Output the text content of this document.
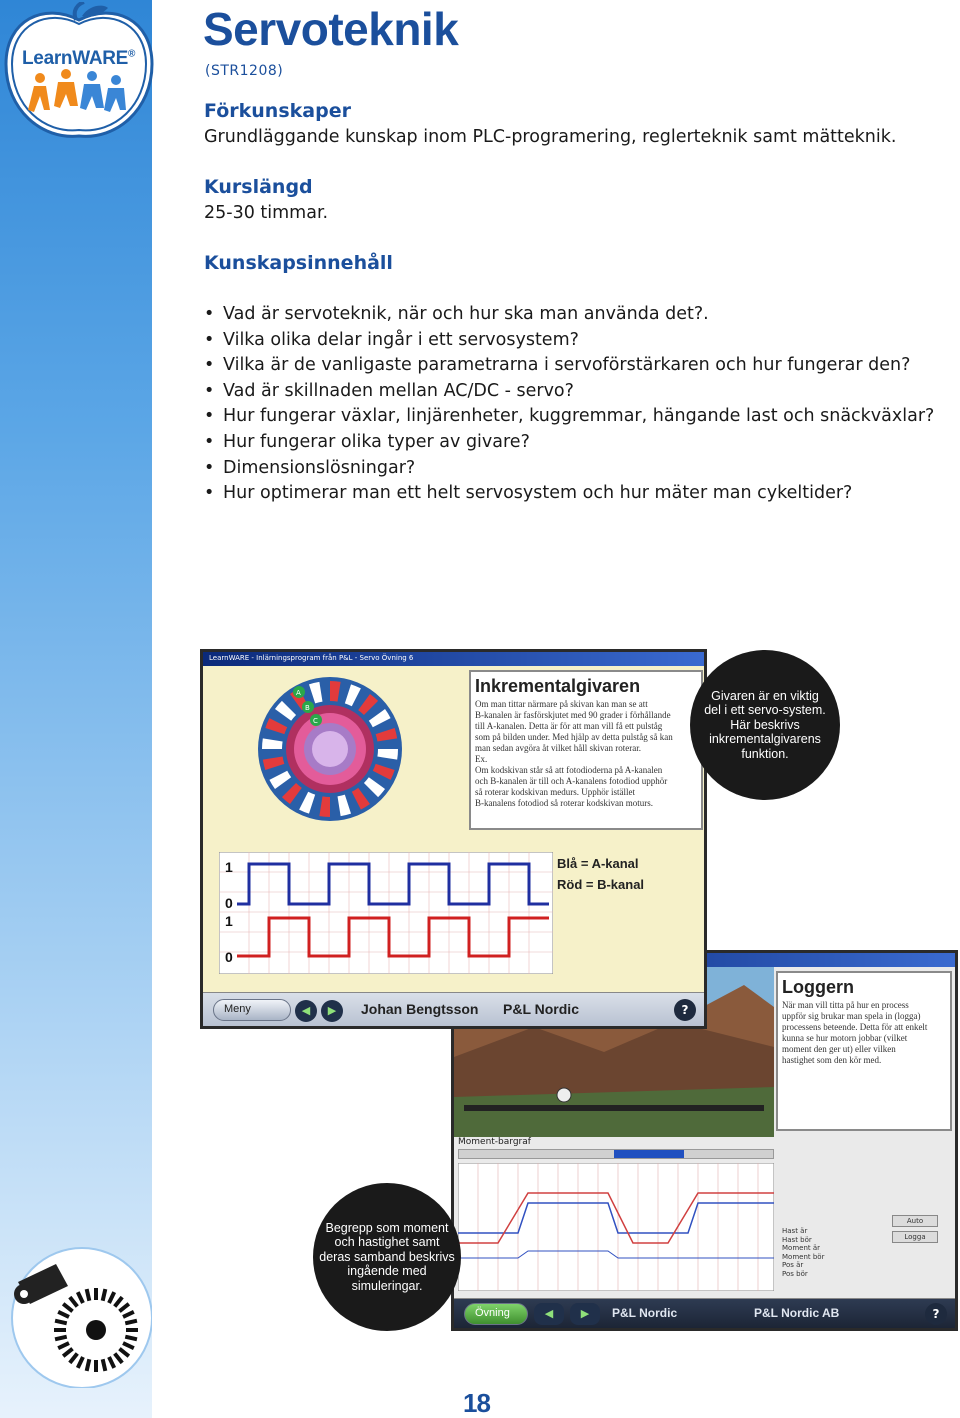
LearnWARE® Servoteknik
(STR1208)
Förkunskaper
Grundläggande kunskap inom PLC-programering, reglerteknik samt mätteknik.
Kurslängd
25-30 timmar.
Kunskapsinnehåll
• Vad är servoteknik, när och hur ska man använda det?.
• Vilka olika delar ingår i ett servosystem?
• Vilka är de vanligaste parametrarna i servoförstärkaren och hur fungerar den?
• Vad är skillnaden mellan AC/DC - servo?
• Hur fungerar växlar, linjärenheter, kuggremmar, hängande last och snäckväxlar?
• Hur fungerar olika typer av givare?
• Dimensionslösningar?
• Hur optimerar man ett helt servosystem och hur mäter man cykeltider?
Moment-bargraf
Loggern
När man vill titta på hur en process
uppför sig brukar man spela in (logga)
processens beteende. Detta för att enkelt
kunna se hur motorn jobbar (vilket
moment den ger ut) eller vilken
hastighet som den kör med.
Hast är
Hast bör
Moment är
Moment bör
Pos är
Pos bör
Auto
Logga
Övning	◀	▶	P&L Nordic	P&L Nordic AB	?
LearnWARE - Inlärningsprogram från P&L - Servo Övning 6
A
B
C
Inkrementalgivaren
Om man tittar närmare på skivan kan man se att
B-kanalen är fasförskjutet med 90 grader i förhållande
till A-kanalen. Detta är för att man vill få ett pulståg
som på bilden under. Med hjälp av detta pulståg så kan
man sedan avgöra åt vilket håll skivan roterar.
Ex.
Om kodskivan står så att fotodioderna på A-kanalen
och B-kanalen är till och A-kanalens fotodiod upphör
så roterar kodskivan medurs. Upphör istället
B-kanalens fotodiod så roterar kodskivan moturs.
1
0
1
0
Blå = A-kanal
Röd = B-kanal
Meny	◀	▶	Johan Bengtsson P&L Nordic	?
Givaren är en viktig del i ett servo-system. Här beskrivs inkrementalgivarens funktion.
Begrepp som moment och hastighet samt deras samband beskrivs ingående med simuleringar.
18
